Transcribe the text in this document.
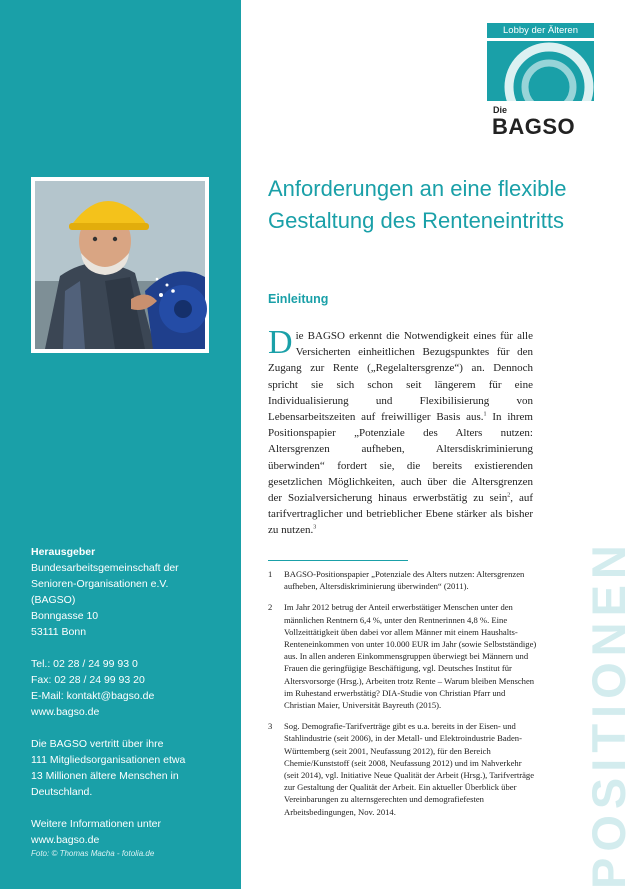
Herausgeber
Bundesarbeitsgemeinschaft der
Senioren-Organisationen e.V.
(BAGSO)
Bonngasse 10
53111 Bonn
Tel.: 02 28 / 24 99 93 0
Fax: 02 28 / 24 99 93 20
E-Mail: kontakt@bagso.de
www.bagso.de
Die BAGSO vertritt über ihre
111 Mitgliedsorganisationen etwa
13 Millionen ältere Menschen in
Deutschland.
Weitere Informationen unter
www.bagso.de
Foto: © Thomas Macha - fotolia.de
Lobby der Älteren
Die
BAGSO
Anforderungen an eine flexible Gestaltung des Renteneintritts
Einleitung

Die BAGSO erkennt die Notwendigkeit eines für alle Versicherten einheitlichen Bezugspunktes für den Zugang zur Rente („Regelaltersgrenze“) an. Dennoch spricht sie sich schon seit längerem für eine Individualisierung und Flexibilisierung von Lebensarbeitszeiten auf freiwilliger Basis aus.$^1$ In ihrem Positionspapier „Potenziale des Alters nutzen: Altersgrenzen aufheben, Altersdiskriminierung überwinden“ fordert sie, die bereits existierenden gesetzlichen Möglichkeiten, auch über die Altersgrenzen der Sozialversicherung hinaus erwerbstätig zu sein$^2$, auf tarifvertraglicher und betrieblicher Ebene stärker als bisher zu nutzen.$^3$

1 BAGSO-Positionspapier „Potenziale des Alters nutzen: Altersgrenzen aufheben, Altersdiskriminierung überwinden“ (2011).
2 Im Jahr 2012 betrug der Anteil erwerbstätiger Menschen unter den männlichen Rentnern 6,4 %, unter den Rentnerinnen 4,8 %. Eine Vollzeittätigkeit üben dabei vor allem Männer mit einem Haushalts-Renteneinkommen von unter 10.000 EUR im Jahr (sowie Selbstständige) aus. In allen anderen Einkommensgruppen überwiegt bei Männern und Frauen die geringfügige Beschäftigung, vgl. Deutsches Institut für Altersvorsorge (Hrsg.), Arbeiten trotz Rente – Warum bleiben Menschen im Ruhestand erwerbstätig? DIA-Studie von Christian Pfarr und Christian Maier, Universität Bayreuth (2015).
3 Sog. Demografie-Tarifverträge gibt es u.a. bereits in der Eisen- und Stahlindustrie (seit 2006), in der Metall- und Elektroindustrie Baden-Württemberg (seit 2001, Neufassung 2012), für den Bereich Chemie/Kunststoff (seit 2008, Neufassung 2012) und im Nahverkehr (seit 2014), vgl. Initiative Neue Qualität der Arbeit (Hrsg.), Tarifverträge zur Gestaltung der Qualität der Arbeit. Ein aktueller Überblick über Vereinbarungen zu alternsgerechten und demografiefesten Arbeitsbedingungen, Nov. 2014.	POSITIONEN
